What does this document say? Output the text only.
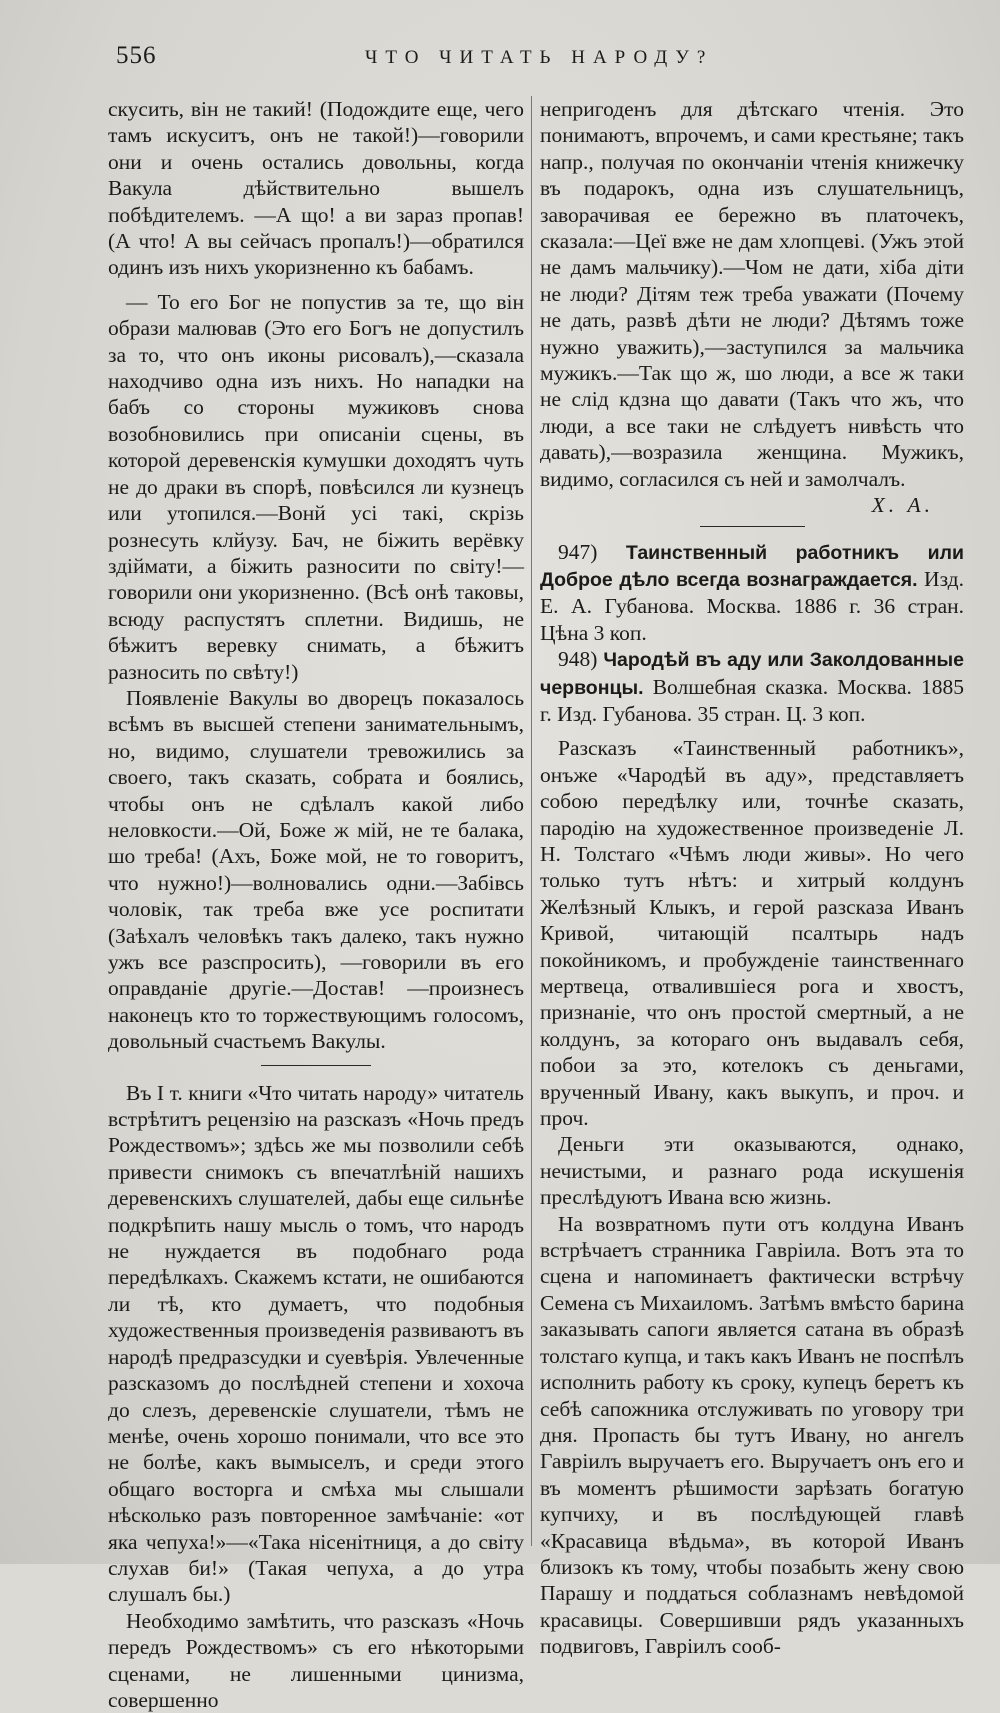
556	ЧТО ЧИТАТЬ НАРОДУ?

скусить, він не такий! (Подождите еще, чего тамъ искуситъ, онъ не такой!)—говорили они и очень остались довольны, когда Вакула дѣйствительно вышелъ побѣдителемъ. —А що! а ви зараз пропав! (А что! А вы сейчасъ пропалъ!)—обратился одинъ изъ нихъ укоризненно къ бабамъ.

— То его Бог не попустив за те, що він образи малював (Это его Богъ не допустилъ за то, что онъ иконы рисовалъ),—сказала находчиво одна изъ нихъ. Но нападки на бабъ со стороны мужиковъ снова возобновились при описаніи сцены, въ которой деревенскія кумушки доходятъ чуть не до драки въ спорѣ, повѣсился ли кузнецъ или утопился.—Вонй усі такі, скрізь рознесуть клйузу. Бач, не біжить верёвку здіймати, а біжить разносити по світу!—говорили они укоризненно. (Всѣ онѣ таковы, всюду распустятъ сплетни. Видишь, не бѣжитъ веревку снимать, а бѣжитъ разносить по свѣту!)

Появленіе Вакулы во дворецъ показалось всѣмъ въ высшей степени занимательнымъ, но, видимо, слушатели тревожились за своего, такъ сказать, собрата и боялись, чтобы онъ не сдѣлалъ какой либо неловкости.—Ой, Боже ж мій, не те балака, шо треба! (Ахъ, Боже мой, не то говоритъ, что нужно!)—волновались одни.—Забівсь чоловік, так треба вже усе роспитати (Заѣхалъ человѣкъ такъ далеко, такъ нужно ужъ все разспросить), —говорили въ его оправданіе другіе.—Достав! —произнесъ наконецъ кто то торжествующимъ голосомъ, довольный счастьемъ Вакулы.

Въ I т. книги «Что читать народу» читатель встрѣтитъ рецензію на разсказъ «Ночь предъ Рождествомъ»; здѣсь же мы позволили себѣ привести снимокъ съ впечатлѣній нашихъ деревенскихъ слушателей, дабы еще сильнѣе подкрѣпить нашу мысль о томъ, что народъ не нуждается въ подобнаго рода передѣлкахъ. Скажемъ кстати, не ошибаются ли тѣ, кто думаетъ, что подобныя художественныя произведенія развиваютъ въ народѣ предразсудки и суевѣрія. Увлеченные разсказомъ до послѣдней степени и хохоча до слезъ, деревенскіе слушатели, тѣмъ не менѣе, очень хорошо понимали, что все это не болѣе, какъ вымыселъ, и среди этого общаго восторга и смѣха мы слышали нѣсколько разъ повторенное замѣчаніе: «от яка чепуха!»—«Така нісенітниця, а до світу слухав би!» (Такая чепуха, а до утра слушалъ бы.)

Необходимо замѣтить, что разсказъ «Ночь передъ Рождествомъ» съ его нѣкоторыми сценами, не лишенными цинизма, совершенно

непригоденъ для дѣтскаго чтенія. Это понимаютъ, впрочемъ, и сами крестьяне; такъ напр., получая по окончаніи чтенія книжечку въ подарокъ, одна изъ слушательницъ, заворачивая ее бережно въ платочекъ, сказала:—Цеї вже не дам хлопцеві. (Ужъ этой не дамъ мальчику).—Чом не дати, хіба діти не люди? Дітям теж треба уважати (Почему не дать, развѣ дѣти не люди? Дѣтямъ тоже нужно уважить),—заступился за мальчика мужикъ.—Так що ж, шо люди, а все ж таки не слід кдзна що давати (Такъ что жъ, что люди, а все таки не слѣдуетъ нивѣсть что давать),—возразила женщина. Мужикъ, видимо, согласился съ ней и замолчалъ.
Х. А.

947) Таинственный работникъ или Доброе дѣло всегда вознаграждается. Изд. Е. А. Губанова. Москва. 1886 г. 36 стран. Цѣна 3 коп.

948) Чародѣй въ аду или Заколдованные червонцы. Волшебная сказка. Москва. 1885 г. Изд. Губанова. 35 стран. Ц. 3 коп.

Разсказъ «Таинственный работникъ», онъже «Чародѣй въ аду», представляетъ собою передѣлку или, точнѣе сказать, пародію на художественное произведеніе Л. Н. Толстаго «Чѣмъ люди живы». Но чего только тутъ нѣтъ: и хитрый колдунъ Желѣзный Клыкъ, и герой разсказа Иванъ Кривой, читающій псалтырь надъ покойникомъ, и пробужденіе таинственнаго мертвеца, отвалившіеся рога и хвостъ, признаніе, что онъ простой смертный, а не колдунъ, за котораго онъ выдавалъ себя, побои за это, котелокъ съ деньгами, врученный Ивану, какъ выкупъ, и проч. и проч.

Деньги эти оказываются, однако, нечистыми, и разнаго рода искушенія преслѣдуютъ Ивана всю жизнь.

На возвратномъ пути отъ колдуна Иванъ встрѣчаетъ странника Гавріила. Вотъ эта то сцена и напоминаетъ фактически встрѣчу Семена съ Михаиломъ. Затѣмъ вмѣсто барина заказывать сапоги является сатана въ образѣ толстаго купца, и такъ какъ Иванъ не поспѣлъ исполнить работу къ сроку, купецъ беретъ къ себѣ сапожника отслуживать по уговору три дня. Пропасть бы тутъ Ивану, но ангелъ Гавріилъ выручаетъ его. Выручаетъ онъ его и въ моментъ рѣшимости зарѣзать богатую купчиху, и въ послѣдующей главѣ «Красавица вѣдьма», въ которой Иванъ близокъ къ тому, чтобы позабыть жену свою Парашу и поддаться соблазнамъ невѣдомой красавицы. Совершивши рядъ указанныхъ подвиговъ, Гавріилъ сооб-
